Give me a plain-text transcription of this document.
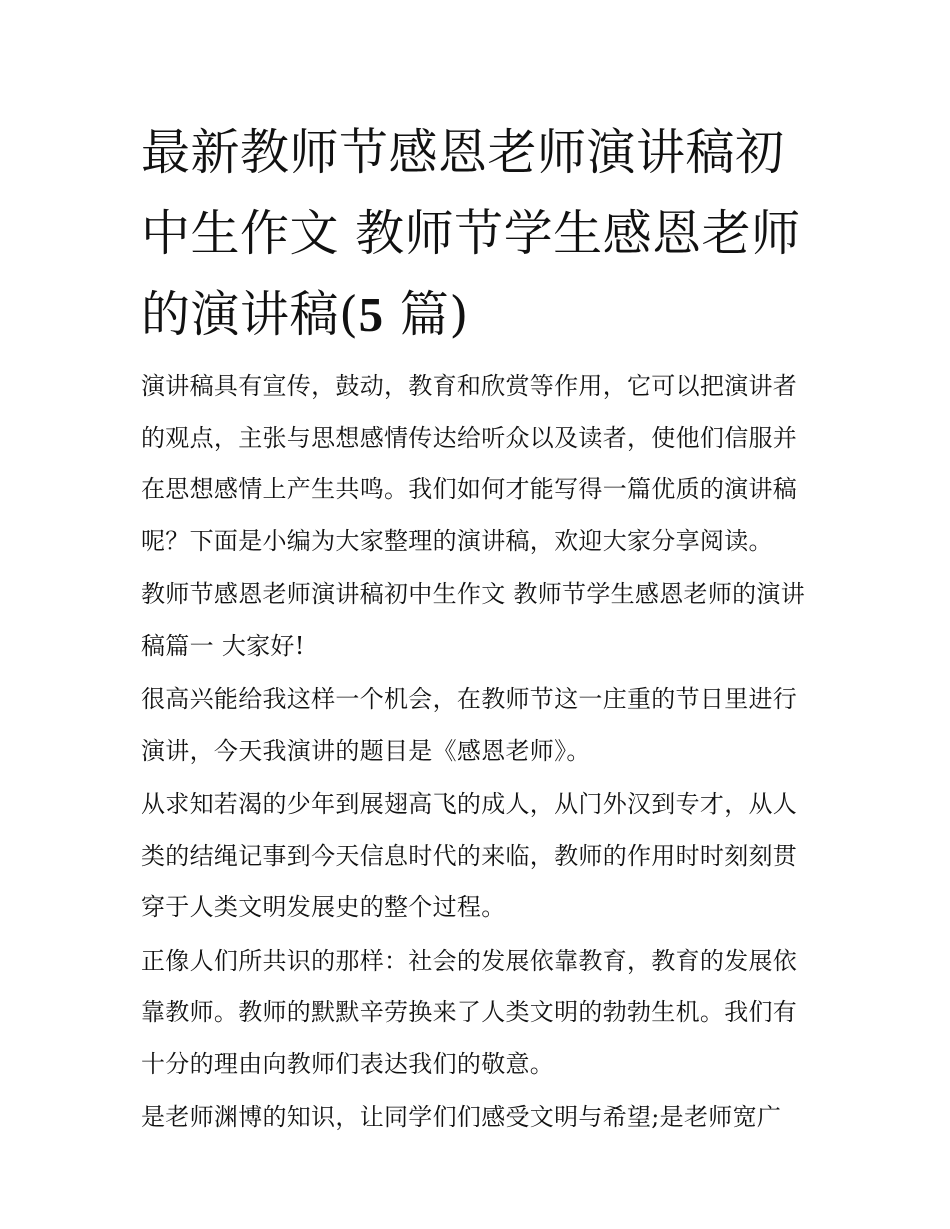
最新教师节感恩老师演讲稿初中生作文 教师节学生感恩老师的演讲稿(5 篇)

演讲稿具有宣传，鼓动，教育和欣赏等作用，它可以把演讲者的观点，主张与思想感情传达给听众以及读者，使他们信服并在思想感情上产生共鸣。我们如何才能写得一篇优质的演讲稿呢？下面是小编为大家整理的演讲稿，欢迎大家分享阅读。

教师节感恩老师演讲稿初中生作文 教师节学生感恩老师的演讲稿篇一 大家好!

很高兴能给我这样一个机会，在教师节这一庄重的节日里进行演讲，今天我演讲的题目是《感恩老师》。

从求知若渴的少年到展翅高飞的成人，从门外汉到专才，从人类的结绳记事到今天信息时代的来临，教师的作用时时刻刻贯穿于人类文明发展史的整个过程。

正像人们所共识的那样：社会的发展依靠教育，教育的发展依靠教师。教师的默默辛劳换来了人类文明的勃勃生机。我们有十分的理由向教师们表达我们的敬意。

是老师渊博的知识，让同学们们感受文明与希望;是老师宽广
